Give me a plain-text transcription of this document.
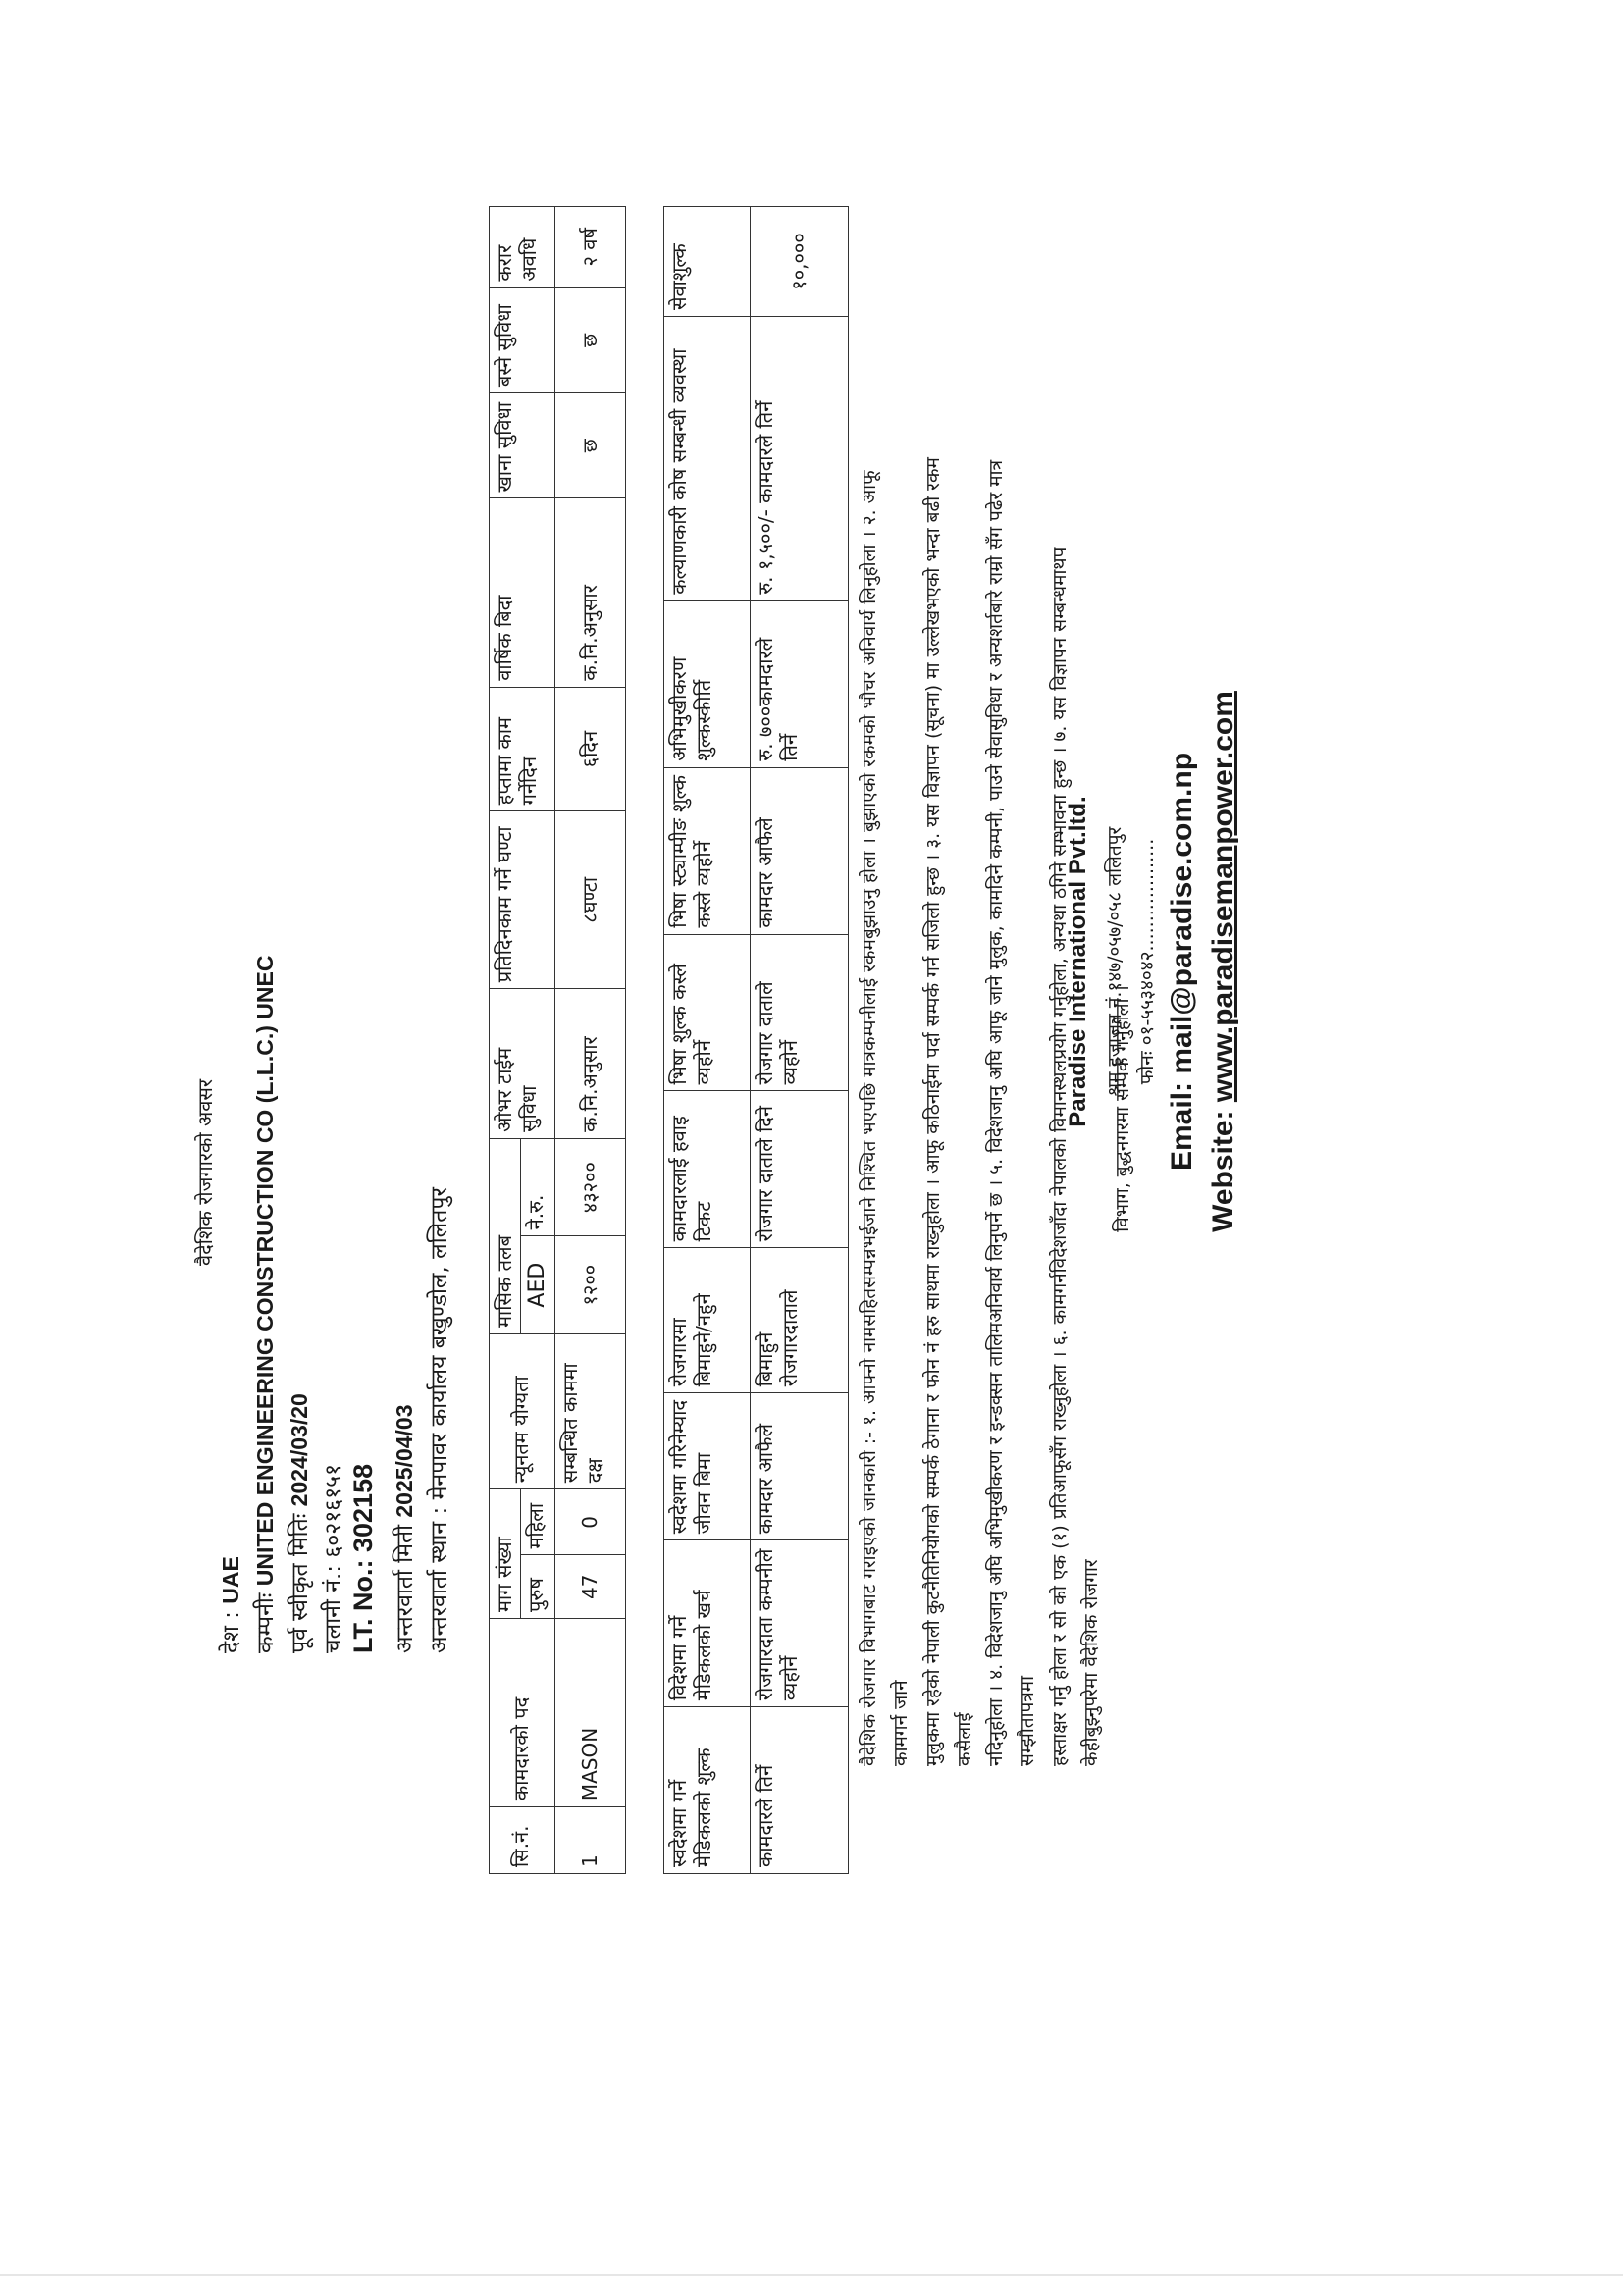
वैदेशिक रोजगारको अवसर
देश : UAE
कम्पनीः UNITED ENGINEERING CONSTRUCTION CO (L.L.C.) UNEC पूर्व स्वीकृत मितिः 2024/03/20
चलानी नं.: ६०२१६१५१
LT. No.: 302158
अन्तरवार्ता मिती 2025/04/03 अन्तरवार्ता स्थान : मेनपावर कार्यालय बखुण्डोल, ललितपुर
सि.नं.	कामदारको पद	माग संख्या		न्यूनतम योग्यता	मासिक तलब		ओभर टाईम सुविधा	प्रतिदिनकाम गर्ने घण्टा	हप्तामा काम गर्नेदिन	वार्षिक बिदा	खाना सुविधा	बस्ने सुविधा	करार अवधि
		पुरुष	महिला		AED	ने.रु.							
1	MASON	47	0	सम्बन्धित काममा दक्ष	१२००	४३२००	क.नि.अनुसार	८घण्टा	६दिन	क.नि.अनुसार	छ	छ	२ वर्ष
स्वदेशमा गर्ने मेडिकलको शुल्क	विदेशमा गर्ने मेडिकलको खर्च	स्वदेशमा गरिनेम्याद जीवन बिमा	रोजगारमा बिमाहुने/नहुने	कामदारलाई हवाइ टिकट	भिषा शुल्क कस्ले व्यहोर्ने	भिषा स्ट्याम्पीङ शुल्क कस्ले व्यहोर्ने	अभिमुखीकरण शुल्कस्कीर्ति	कल्याणकारी कोष सम्बन्धी व्यवस्था	सेवाशुल्क
कामदारले तिर्ने	रोजगारदाता कम्पनीले व्यहोर्ने	कामदार आफैले	बिमाहुने रोजगारदाताले	रोजगार दाताले दिने	रोजगार दाताले व्यहोर्ने	कामदार आफैले	रु. ७००कामदारले तिर्ने	रु. १,५००/- कामदारले तिर्ने	१०,०००

वैदेशिक रोजगार विभागबाट गराइएको जानकारी :- १. आफ्नो नामसहितसम्पन्नभईजाने निश्चित भएपछि मात्रकम्पनीलाई रकमबुझाउनु होला । बुझाएको रकमको भौचर अनिवार्य लिनुहोला । २. आफू कामगर्न जाने मुलुकमा रहेको नेपाली कुटनैतिनियोगको सम्पर्क ठेगाना र फोन नं हरु साथमा राख्नुहोला । आफू कठिनाईमा पर्दा सम्पर्क गर्न सजिलो हुन्छ । ३. यस विज्ञापन (सूचना) मा उल्लेखभएको भन्दा बढी रकम कसैलाई नदिनुहोला । ४. विदेशजानु अघि अभिमुखीकरण र इन्डक्सन तालिमअनिवार्य लिनुपर्ने छ । ५. विदेशजानु अघि आफू जाने मुलुक, कामदिने कम्पनी, पाउने सेवासुविधा र अन्यशर्तबारे राम्रो सँग पढेर मात्र सम्झौतापत्रमा हस्ताक्षर गर्नु होला र सो को एक (१) प्रतिआफूसँग राख्नुहोला । ६. कामगर्नविदेशजाँदा नेपालको विमानस्थलप्रयोग गर्नुहोला, अन्यथा ठगिने सम्भावना हुन्छ । ७. यस विज्ञापन सम्बन्धमाथप केहीबुझ्नुपरेमा वैदेशिक रोजगार

विभाग, बुद्धनगरमा सम्पर्क गर्नुहोला ।

Paradise International Pvt.ltd. श्रम इजाजत नं.१४७/०५७/०५८ ललितपुर फोनः ०१-५५३४०४२................... Email: mail@paradise.com.np
Website: www.paradisemanpower.com
